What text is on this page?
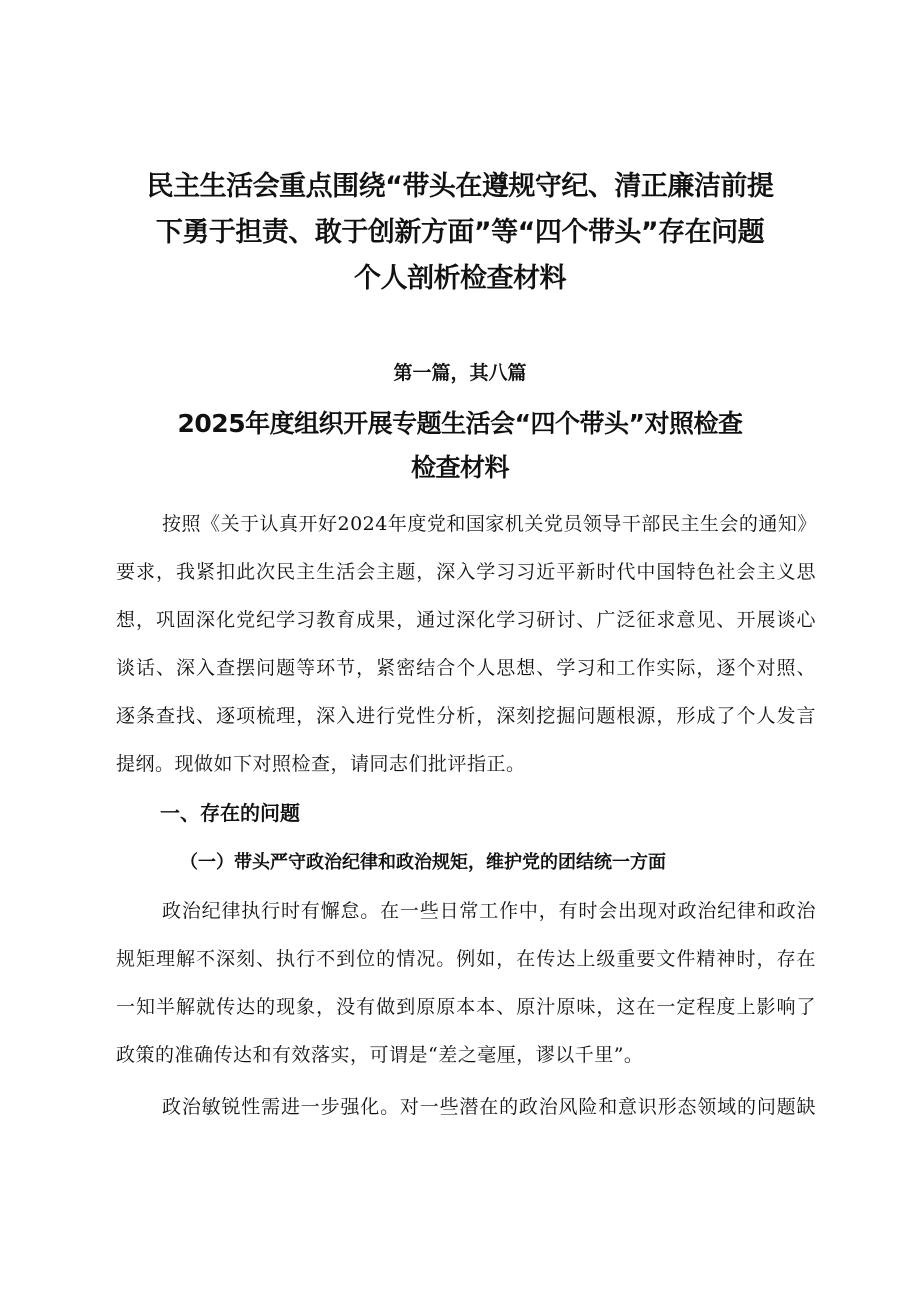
民主生活会重点围绕“带头在遵规守纪、清正廉洁前提
下勇于担责、敢于创新方面”等“四个带头”存在问题
个人剖析检查材料

第一篇，其八篇

2025年度组织开展专题生活会“四个带头”对照检查
检查材料
按照《关于认真开好2024年度党和国家机关党员领导干部民主生会的通知》
要求，我紧扣此次民主生活会主题，深入学习习近平新时代中国特色社会主义思
想，巩固深化党纪学习教育成果，通过深化学习研讨、广泛征求意见、开展谈心
谈话、深入查摆问题等环节，紧密结合个人思想、学习和工作实际，逐个对照、
逐条查找、逐项梳理，深入进行党性分析，深刻挖掘问题根源，形成了个人发言
提纲。现做如下对照检查，请同志们批评指正。
一、存在的问题
（一）带头严守政治纪律和政治规矩，维护党的团结统一方面
政治纪律执行时有懈怠。在一些日常工作中，有时会出现对政治纪律和政治
规矩理解不深刻、执行不到位的情况。例如，在传达上级重要文件精神时，存在
一知半解就传达的现象，没有做到原原本本、原汁原味，这在一定程度上影响了
政策的准确传达和有效落实，可谓是“差之毫厘，谬以千里”。
政治敏锐性需进一步强化。对一些潜在的政治风险和意识形态领域的问题缺
